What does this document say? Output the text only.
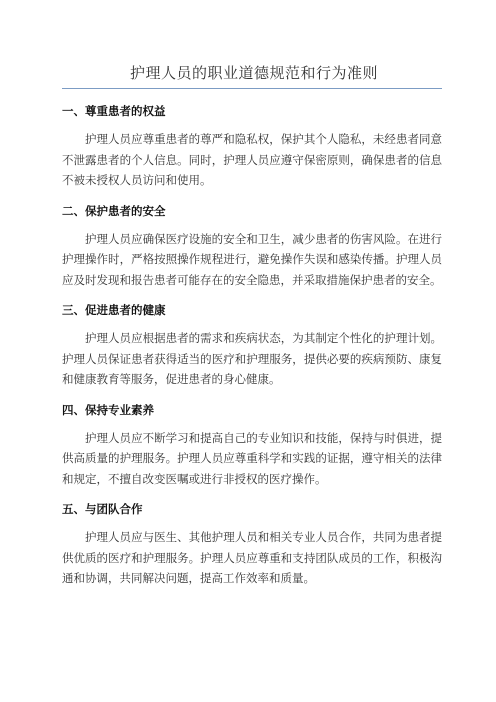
护理人员的职业道德规范和行为准则
一、尊重患者的权益

护理人员应尊重患者的尊严和隐私权，保护其个人隐私，未经患者同意不泄露患者的个人信息。同时，护理人员应遵守保密原则，确保患者的信息不被未授权人员访问和使用。

二、保护患者的安全

护理人员应确保医疗设施的安全和卫生，减少患者的伤害风险。在进行护理操作时，严格按照操作规程进行，避免操作失误和感染传播。护理人员应及时发现和报告患者可能存在的安全隐患，并采取措施保护患者的安全。

三、促进患者的健康

护理人员应根据患者的需求和疾病状态，为其制定个性化的护理计划。护理人员保证患者获得适当的医疗和护理服务，提供必要的疾病预防、康复和健康教育等服务，促进患者的身心健康。

四、保持专业素养

护理人员应不断学习和提高自己的专业知识和技能，保持与时俱进，提供高质量的护理服务。护理人员应尊重科学和实践的证据，遵守相关的法律和规定，不擅自改变医嘱或进行非授权的医疗操作。

五、与团队合作

护理人员应与医生、其他护理人员和相关专业人员合作，共同为患者提供优质的医疗和护理服务。护理人员应尊重和支持团队成员的工作，积极沟通和协调，共同解决问题，提高工作效率和质量。
